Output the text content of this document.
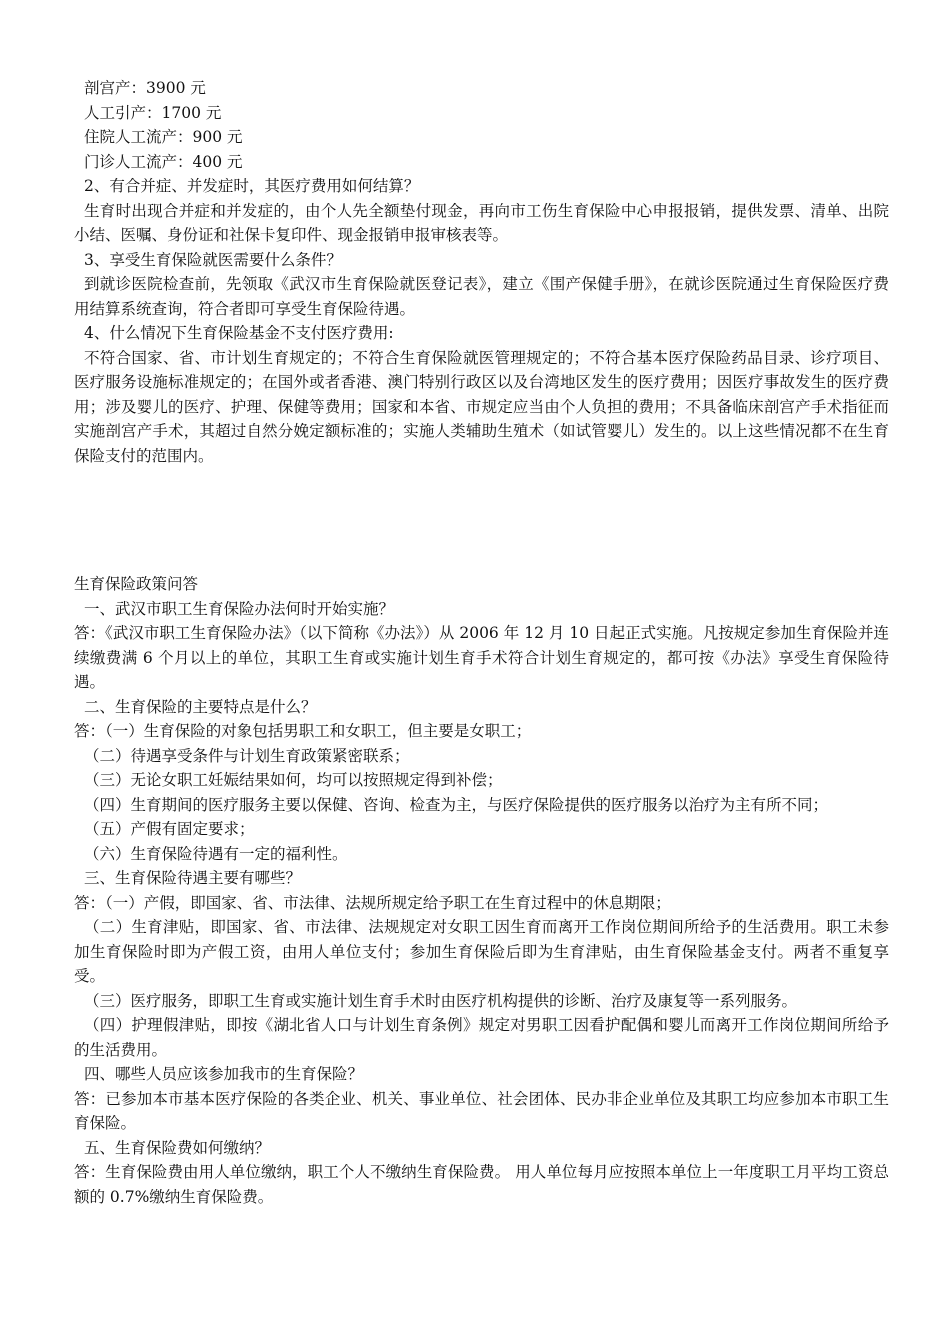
剖宫产：3900 元

人工引产：1700 元

住院人工流产：900 元

门诊人工流产：400 元

2、有合并症、并发症时，其医疗费用如何结算？

生育时出现合并症和并发症的，由个人先全额垫付现金，再向市工伤生育保险中心申报报销，提供发票、清单、出院小结、医嘱、身份证和社保卡复印件、现金报销申报审核表等。

3、享受生育保险就医需要什么条件？

到就诊医院检查前，先领取《武汉市生育保险就医登记表》，建立《围产保健手册》，在就诊医院通过生育保险医疗费用结算系统查询，符合者即可享受生育保险待遇。

4、什么情况下生育保险基金不支付医疗费用:

不符合国家、省、市计划生育规定的；不符合生育保险就医管理规定的；不符合基本医疗保险药品目录、诊疗项目、医疗服务设施标准规定的；在国外或者香港、澳门特别行政区以及台湾地区发生的医疗费用；因医疗事故发生的医疗费用；涉及婴儿的医疗、护理、保健等费用；国家和本省、市规定应当由个人负担的费用；不具备临床剖宫产手术指征而实施剖宫产手术，其超过自然分娩定额标准的；实施人类辅助生殖术（如试管婴儿）发生的。以上这些情况都不在生育保险支付的范围内。

生育保险政策问答

一、武汉市职工生育保险办法何时开始实施？

答：《武汉市职工生育保险办法》（以下简称《办法》）从 2006 年 12 月 10 日起正式实施。凡按规定参加生育保险并连续缴费满 6 个月以上的单位，其职工生育或实施计划生育手术符合计划生育规定的，都可按《办法》享受生育保险待遇。

二、生育保险的主要特点是什么？

答：（一）生育保险的对象包括男职工和女职工，但主要是女职工；

（二）待遇享受条件与计划生育政策紧密联系；

（三）无论女职工妊娠结果如何，均可以按照规定得到补偿；

（四）生育期间的医疗服务主要以保健、咨询、检查为主，与医疗保险提供的医疗服务以治疗为主有所不同；

（五）产假有固定要求；

（六）生育保险待遇有一定的福利性。

三、生育保险待遇主要有哪些？

答：（一）产假，即国家、省、市法律、法规所规定给予职工在生育过程中的休息期限；

（二）生育津贴，即国家、省、市法律、法规规定对女职工因生育而离开工作岗位期间所给予的生活费用。职工未参加生育保险时即为产假工资，由用人单位支付；参加生育保险后即为生育津贴，由生育保险基金支付。两者不重复享受。

（三）医疗服务，即职工生育或实施计划生育手术时由医疗机构提供的诊断、治疗及康复等一系列服务。

（四）护理假津贴，即按《湖北省人口与计划生育条例》规定对男职工因看护配偶和婴儿而离开工作岗位期间所给予的生活费用。

四、哪些人员应该参加我市的生育保险？

答：已参加本市基本医疗保险的各类企业、机关、事业单位、社会团体、民办非企业单位及其职工均应参加本市职工生育保险。

五、生育保险费如何缴纳？

答：生育保险费由用人单位缴纳，职工个人不缴纳生育保险费。 用人单位每月应按照本单位上一年度职工月平均工资总额的 0.7%缴纳生育保险费。
